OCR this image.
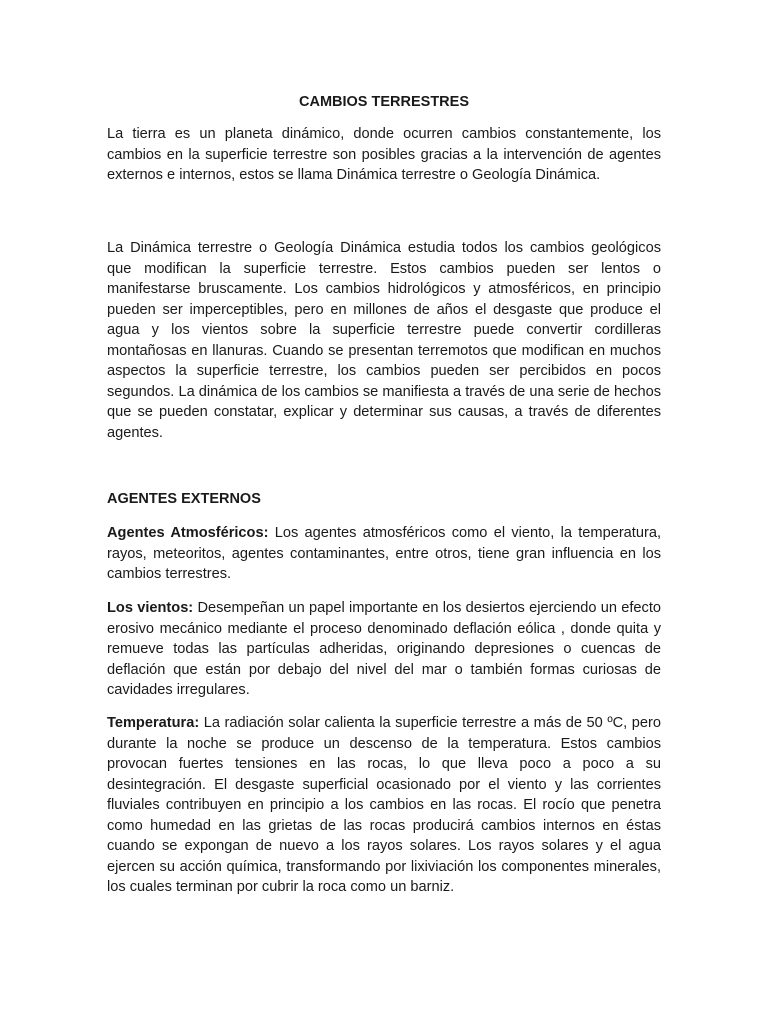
CAMBIOS TERRESTRES

La tierra es un planeta dinámico, donde ocurren cambios constantemente, los cambios en la superficie terrestre son posibles gracias a la intervención de agentes externos e internos, estos se llama Dinámica terrestre o Geología Dinámica.

La Dinámica terrestre o Geología Dinámica estudia todos los cambios geológicos que modifican la superficie terrestre. Estos cambios pueden ser lentos o manifestarse bruscamente. Los cambios hidrológicos y atmosféricos, en principio pueden ser imperceptibles, pero en millones de años el desgaste que produce el agua y los vientos sobre la superficie terrestre puede convertir cordilleras montañosas en llanuras. Cuando se presentan terremotos que modifican en muchos aspectos la superficie terrestre, los cambios pueden ser percibidos en pocos segundos. La dinámica de los cambios se manifiesta a través de una serie de hechos que se pueden constatar, explicar y determinar sus causas, a través de diferentes agentes.

AGENTES EXTERNOS

Agentes Atmosféricos: Los agentes atmosféricos como el viento, la temperatura, rayos, meteoritos, agentes contaminantes, entre otros, tiene gran influencia en los cambios terrestres.

Los vientos: Desempeñan un papel importante en los desiertos ejerciendo un efecto erosivo mecánico mediante el proceso denominado deflación eólica , donde quita y remueve todas las partículas adheridas, originando depresiones o cuencas de deflación que están por debajo del nivel del mar o también formas curiosas de cavidades irregulares.

Temperatura: La radiación solar calienta la superficie terrestre a más de 50 ºC, pero durante la noche se produce un descenso de la temperatura. Estos cambios provocan fuertes tensiones en las rocas, lo que lleva poco a poco a su desintegración. El desgaste superficial ocasionado por el viento y las corrientes fluviales contribuyen en principio a los cambios en las rocas. El rocío que penetra como humedad en las grietas de las rocas producirá cambios internos en éstas cuando se expongan de nuevo a los rayos solares. Los rayos solares y el agua ejercen su acción química, transformando por lixiviación los componentes minerales, los cuales terminan por cubrir la roca como un barniz.
